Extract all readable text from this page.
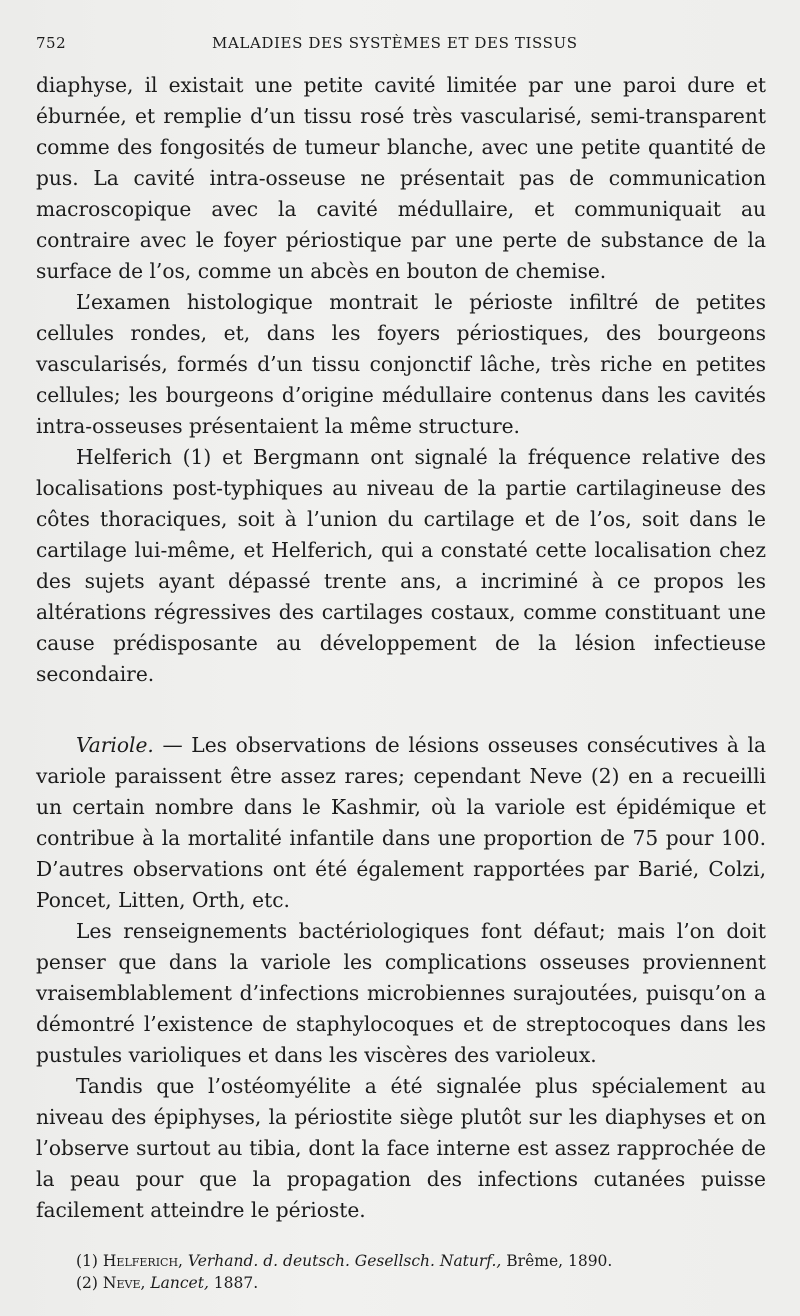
752	MALADIES DES SYSTÈMES ET DES TISSUS

diaphyse, il existait une petite cavité limitée par une paroi dure et éburnée, et remplie d’un tissu rosé très vascularisé, semi-transparent comme des fongosités de tumeur blanche, avec une petite quantité de pus. La cavité intra-osseuse ne présentait pas de communication macroscopique avec la cavité médullaire, et communiquait au contraire avec le foyer périostique par une perte de substance de la surface de l’os, comme un abcès en bouton de chemise.

L’examen histologique montrait le périoste infiltré de petites cellules rondes, et, dans les foyers périostiques, des bourgeons vascularisés, formés d’un tissu conjonctif lâche, très riche en petites cellules; les bourgeons d’origine médullaire contenus dans les cavités intra-osseuses présentaient la même structure.

Helferich (1) et Bergmann ont signalé la fréquence relative des localisations post-typhiques au niveau de la partie cartilagineuse des côtes thoraciques, soit à l’union du cartilage et de l’os, soit dans le cartilage lui-même, et Helferich, qui a constaté cette localisation chez des sujets ayant dépassé trente ans, a incriminé à ce propos les altérations régressives des cartilages costaux, comme constituant une cause prédisposante au développement de la lésion infectieuse secondaire.

Variole. — Les observations de lésions osseuses consécutives à la variole paraissent être assez rares; cependant Neve (2) en a recueilli un certain nombre dans le Kashmir, où la variole est épidémique et contribue à la mortalité infantile dans une proportion de 75 pour 100. D’autres observations ont été également rapportées par Barié, Colzi, Poncet, Litten, Orth, etc.

Les renseignements bactériologiques font défaut; mais l’on doit penser que dans la variole les complications osseuses proviennent vraisemblablement d’infections microbiennes surajoutées, puisqu’on a démontré l’existence de staphylocoques et de streptocoques dans les pustules varioliques et dans les viscères des varioleux.

Tandis que l’ostéomyélite a été signalée plus spécialement au niveau des épiphyses, la périostite siège plutôt sur les diaphyses et on l’observe surtout au tibia, dont la face interne est assez rapprochée de la peau pour que la propagation des infections cutanées puisse facilement atteindre le périoste.

(1) Helferich, Verhand. d. deutsch. Gesellsch. Naturf., Brême, 1890.
(2) Neve, Lancet, 1887.
